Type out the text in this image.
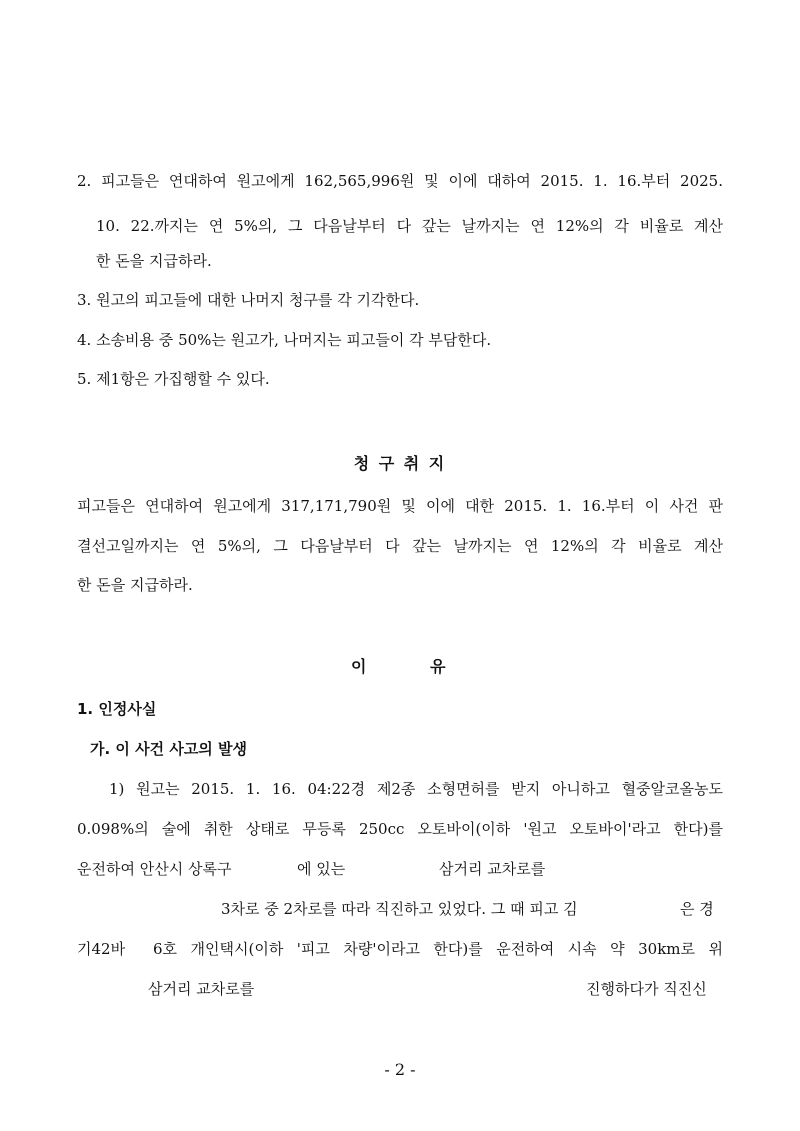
2. 피고들은 연대하여 원고에게 162,565,996원 및 이에 대하여 2015. 1. 16.부터 2025.
10. 22.까지는 연 5%의, 그 다음날부터 다 갚는 날까지는 연 12%의 각 비율로 계산
한 돈을 지급하라.
3. 원고의 피고들에 대한 나머지 청구를 각 기각한다.
4. 소송비용 중 50%는 원고가, 나머지는 피고들이 각 부담한다.
5. 제1항은 가집행할 수 있다.
청 구 취 지
피고들은 연대하여 원고에게 317,171,790원 및 이에 대한 2015. 1. 16.부터 이 사건 판
결선고일까지는 연 5%의, 그 다음날부터 다 갚는 날까지는 연 12%의 각 비율로 계산
한 돈을 지급하라.
이	유
1. 인정사실
가. 이 사건 사고의 발생
1) 원고는 2015. 1. 16. 04:22경 제2종 소형면허를 받지 아니하고 혈중알코올농도
0.098%의 술에 취한 상태로 무등록 250cc 오토바이(이하 '원고 오토바이'라고 한다)를
운전하여 안산시 상록구	에 있는	삼거리 교차로를
3차로 중 2차로를 따라 직진하고 있었다. 그 때 피고 김	은 경
기42바 6호 개인택시(이하 '피고 차량'이라고 한다)를 운전하여 시속 약 30km로 위
삼거리 교차로를	진행하다가 직진신
- 2 -
